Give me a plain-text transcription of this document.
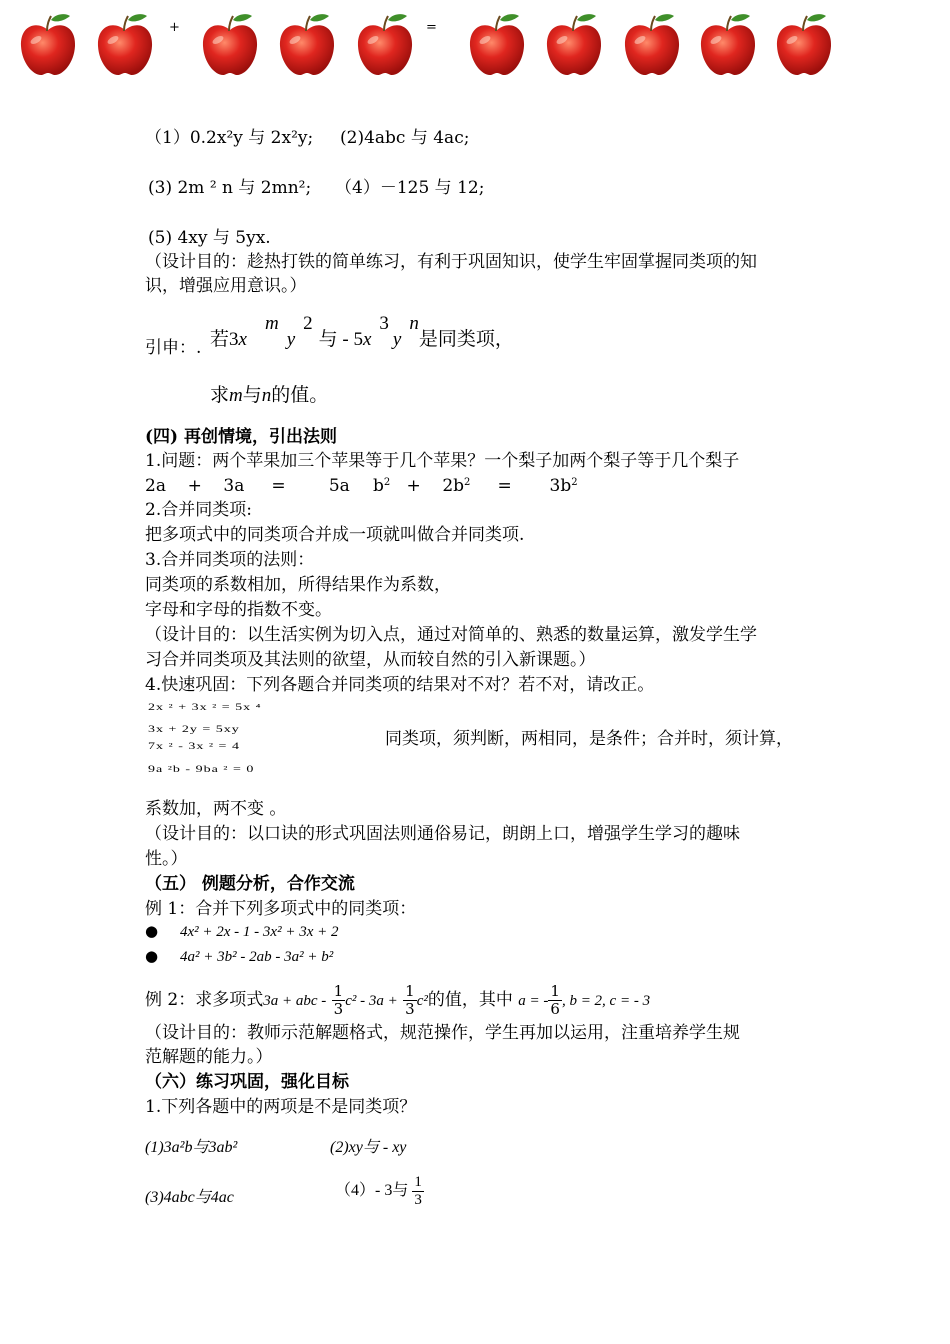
+	=
（1）0.2x²y 与 2x²y; (2)4abc 与 4ac;
(3) 2m ² n 与 2mn²; （4）－125 与 12;
(5) 4xy 与 5yx.
（设计目的：趁热打铁的简单练习，有利于巩固知识，使学生牢固掌握同类项的知
识，增强应用意识。）
引申：. 若3xmy2与 - 5x3yn是同类项，
求m与n的值。
(四) 再创情境，引出法则
1.问题：两个苹果加三个苹果等于几个苹果？一个梨子加两个梨子等于几个梨子
2a    +    3a     =        5a $b^2$   +    $2b^2$     =       $3b^2$
2.合并同类项:
把多项式中的同类项合并成一项就叫做合并同类项.
3.合并同类项的法则：
同类项的系数相加，所得结果作为系数，
字母和字母的指数不变。
（设计目的：以生活实例为切入点，通过对简单的、熟悉的数量运算，激发学生学
习合并同类项及其法则的欲望，从而较自然的引入新课题。）
4.快速巩固：下列各题合并同类项的结果对不对？若不对，请改正。
2x ² + 3x ² = 5x ⁴
3x + 2y = 5xy
7x ² - 3x ² = 4
9a ²b - 9ba ² = 0
同类项，须判断，两相同，是条件；合并时，须计算，
系数加，两不变 。
（设计目的：以口诀的形式巩固法则通俗易记，朗朗上口，增强学生学习的趣味
性。）
（五） 例题分析，合作交流
例 1：合并下列多项式中的同类项：
● 4x² + 2x - 1 - 3x² + 3x + 2
● 4a² + 3b² - 2ab - 3a² + b²
例 2：求多项式3a + abc - $\frac{1}{3} c^2 - 3a + \frac{1}{3} c^2$的值，其中 a = - $\frac{1}{6}$ , b = 2, c = - 3
（设计目的：教师示范解题格式，规范操作，学生再加以运用，注重培养学生规
范解题的能力。）
（六）练习巩固，强化目标
1.下列各题中的两项是不是同类项？
(1)3a²b与3ab²	(2)xy与 - xy
(3)4abc与4ac	（4）- 3与 $\frac{1}{3}$
